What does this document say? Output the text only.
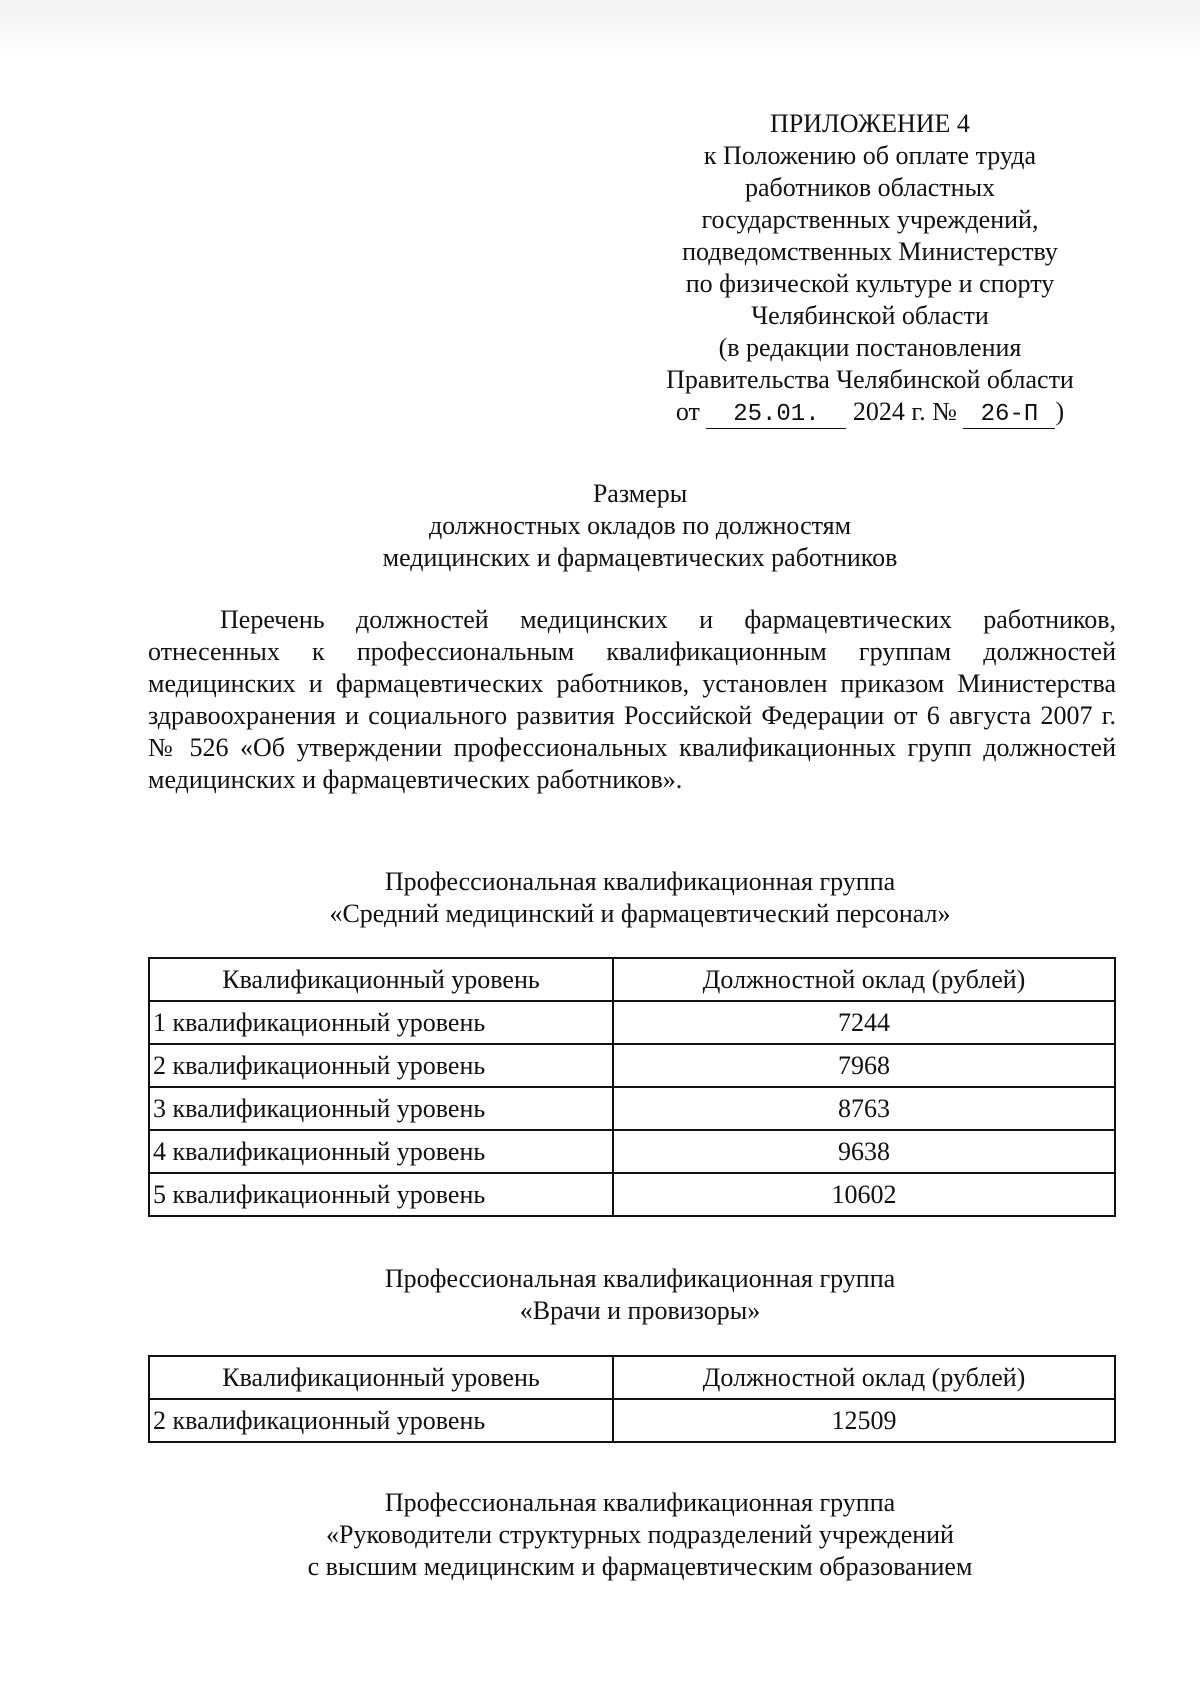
ПРИЛОЖЕНИЕ 4
к Положению об оплате труда
работников областных
государственных учреждений,
подведомственных Министерству
по физической культуре и спорту
Челябинской области
(в редакции постановления
Правительства Челябинской области
от 25.01. 2024 г. № 26-П )
Размеры
должностных окладов по должностям
медицинских и фармацевтических работников
Перечень должностей медицинских и фармацевтических работников, отнесенных к профессиональным квалификационным группам должностей медицинских и фармацевтических работников, установлен приказом Министерства здравоохранения и социального развития Российской Федерации от 6 августа 2007 г. № 526 «Об утверждении профессиональных квалификационных групп должностей медицинских и фармацевтических работников».
Профессиональная квалификационная группа
«Средний медицинский и фармацевтический персонал»
Квалификационный уровень	Должностной оклад (рублей)
1 квалификационный уровень	7244
2 квалификационный уровень	7968
3 квалификационный уровень	8763
4 квалификационный уровень	9638
5 квалификационный уровень	10602
Профессиональная квалификационная группа
«Врачи и провизоры»
Квалификационный уровень	Должностной оклад (рублей)
2 квалификационный уровень	12509
Профессиональная квалификационная группа
«Руководители структурных подразделений учреждений
с высшим медицинским и фармацевтическим образованием
